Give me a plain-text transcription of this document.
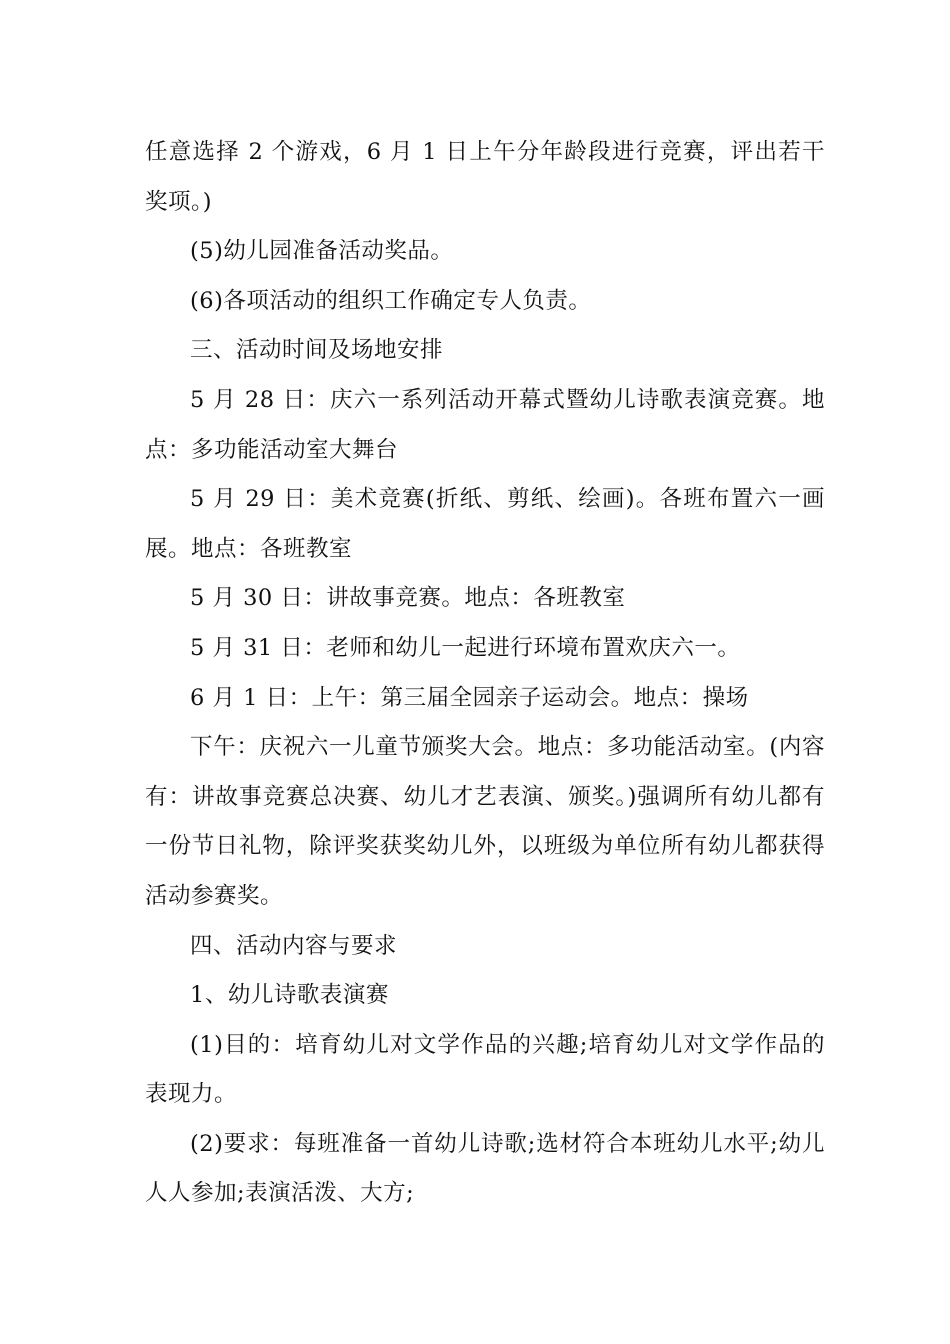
任意选择 2 个游戏，6 月 1 日上午分年龄段进行竞赛，评出若干奖项。)

(5)幼儿园准备活动奖品。

(6)各项活动的组织工作确定专人负责。

三、活动时间及场地安排

5 月 28 日：庆六一系列活动开幕式暨幼儿诗歌表演竞赛。地点：多功能活动室大舞台

5 月 29 日：美术竞赛(折纸、剪纸、绘画)。各班布置六一画展。地点：各班教室

5 月 30 日：讲故事竞赛。地点：各班教室

5 月 31 日：老师和幼儿一起进行环境布置欢庆六一。

6 月 1 日：上午：第三届全园亲子运动会。地点：操场

下午：庆祝六一儿童节颁奖大会。地点：多功能活动室。(内容有：讲故事竞赛总决赛、幼儿才艺表演、颁奖。)强调所有幼儿都有一份节日礼物，除评奖获奖幼儿外，以班级为单位所有幼儿都获得活动参赛奖。

四、活动内容与要求

1、幼儿诗歌表演赛

(1)目的：培育幼儿对文学作品的兴趣;培育幼儿对文学作品的表现力。

(2)要求：每班准备一首幼儿诗歌;选材符合本班幼儿水平;幼儿人人参加;表演活泼、大方;
